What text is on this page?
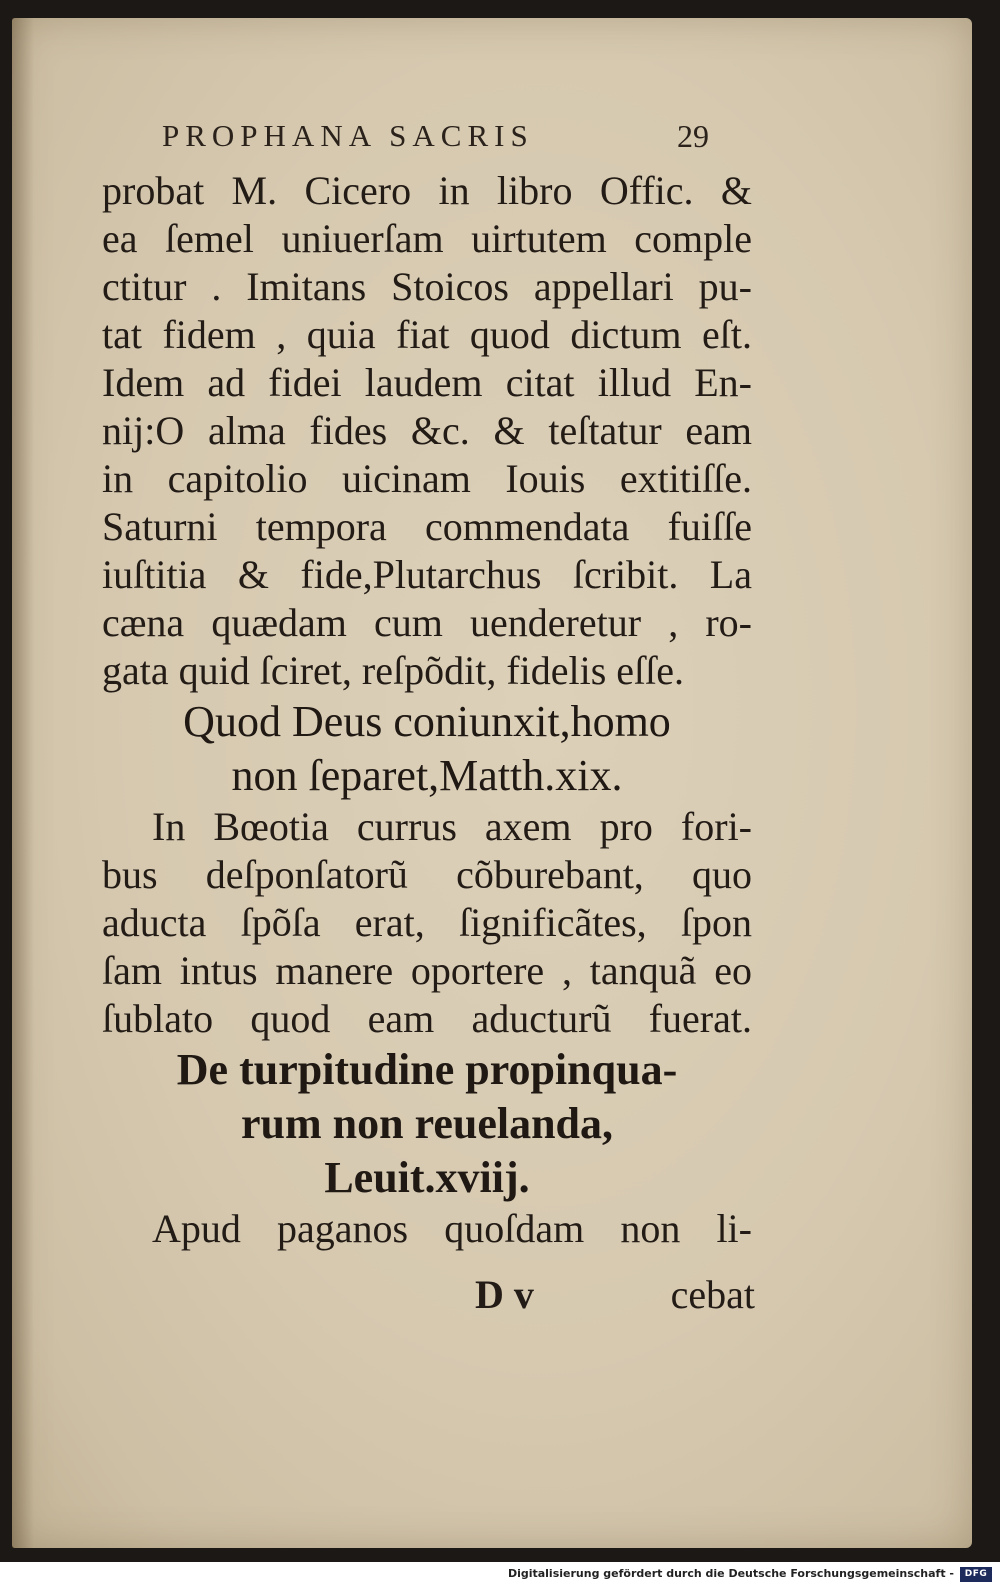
PROPHANA SACRIS	29
probat M. Cicero in libro Offic. &
ea ſemel uniuerſam uirtutem comple
ctitur . Imitans Stoicos appellari pu-
tat fidem , quia fiat quod dictum eſt.
Idem ad fidei laudem citat illud En-
nij:O alma fides &c. & teſtatur eam
in capitolio uicinam Iouis extitiſſe.
Saturni tempora commendata fuiſſe
iuſtitia & fide,Plutarchus ſcribit. La
cæna quædam cum uenderetur , ro-
gata quid ſciret, reſpõdit, fidelis eſſe.
Quod Deus coniunxit,homo
non ſeparet,Matth.xix.
In Bœotia currus axem pro fori-
bus deſponſatorũ cõburebant, quo
aducta ſpõſa erat, ſignificãtes, ſpon
ſam intus manere oportere , tanquã eo
ſublato quod eam aducturũ fuerat.
De turpitudine propinqua-
rum non reuelanda,
Leuit.xviij.
Apud paganos quoſdam non li-
D v	cebat
Digitalisierung gefördert durch die Deutsche Forschungsgemeinschaft -	DFG
